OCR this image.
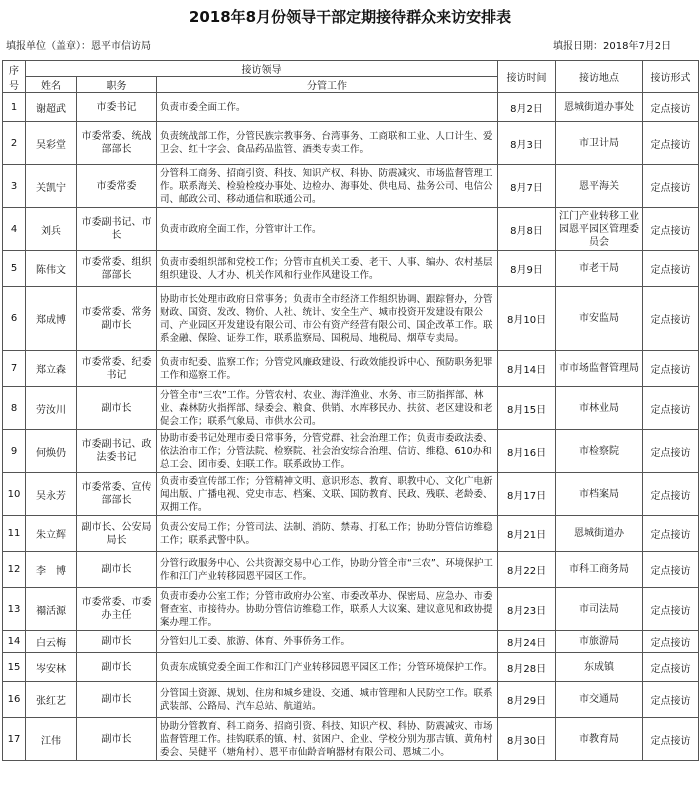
2018年8月份领导干部定期接待群众来访安排表
填报单位（盖章）：恩平市信访局	填报日期：2018年7月2日
序号	接访领导			接访时间	接访地点	接访形式
	姓名	职务	分管工作			
1	谢超武	市委书记	负责市委全面工作。	8月2日	恩城街道办事处	定点接访
2	吴彩堂	市委常委、统战部部长	负责统战部工作，分管民族宗教事务、台湾事务、工商联和工业、人口计生、爱卫会、红十字会、食品药品监管、酒类专卖工作。	8月3日	市卫计局	定点接访
3	关凯宁	市委常委	分管科工商务、招商引资、科技、知识产权、科协、防震减灾、市场监督管理工作。联系海关、检验检疫办事处、边检办、海事处、供电局、盐务公司、电信公司、邮政公司、移动通信和联通公司。	8月7日	恩平海关	定点接访
4	刘兵	市委副书记、市长	负责市政府全面工作，分管审计工作。	8月8日	江门产业转移工业园恩平园区管理委员会	定点接访
5	陈伟文	市委常委、组织部部长	负责市委组织部和党校工作；分管市直机关工委、老干、人事、编办、农村基层组织建设、人才办、机关作风和行业作风建设工作。	8月9日	市老干局	定点接访
6	郑成博	市委常委、常务副市长	协助市长处理市政府日常事务；负责市全市经济工作组织协调、跟踪督办，分管财政、国资、发改、物价、人社、统计、安全生产、城市投资开发建设有限公司、产业园区开发建设有限公司、市公有资产经营有限公司、国企改革工作。联系金融、保险、证券工作，联系监察局、国税局、地税局、烟草专卖局。	8月10日	市安监局	定点接访
7	郑立森	市委常委、纪委书记	负责市纪委、监察工作；分管党风廉政建设、行政效能投诉中心、预防职务犯罪工作和巡察工作。	8月14日	市市场监督管理局	定点接访
8	劳汝川	副市长	分管全市“三农”工作。分管农村、农业、海洋渔业、水务、市三防指挥部、林业、森林防火指挥部、绿委会、粮食、供销、水库移民办、扶贫、老区建设和老促会工作；联系气象局、市供水公司。	8月15日	市林业局	定点接访
9	何焕仍	市委副书记、政法委书记	协助市委书记处理市委日常事务，分管党群、社会治理工作；负责市委政法委、依法治市工作；分管法院、检察院、社会治安综合治理、信访、维稳、610办和总工会、团市委、妇联工作。联系政协工作。	8月16日	市检察院	定点接访
10	吴永芳	市委常委、宣传部部长	负责市委宣传部工作；分管精神文明、意识形态、教育、职教中心、文化广电新闻出版、广播电视、党史市志、档案、文联、国防教育、民政、残联、老龄委、双拥工作。	8月17日	市档案局	定点接访
11	朱立辉	副市长、公安局局长	负责公安局工作；分管司法、法制、消防、禁毒、打私工作；协助分管信访维稳工作；联系武警中队。	8月21日	恩城街道办	定点接访
12	李　博	副市长	分管行政服务中心、公共资源交易中心工作，协助分管全市“三农”、环境保护工作和江门产业转移园恩平园区工作。	8月22日	市科工商务局	定点接访
13	禤活源	市委常委、市委办主任	负责市委办公室工作；分管市政府办公室、市委改革办、保密局、应急办、市委督查室、市接待办。协助分管信访维稳工作，联系人大议案、建议意见和政协提案办理工作。	8月23日	市司法局	定点接访
14	白云梅	副市长	分管妇儿工委、旅游、体育、外事侨务工作。	8月24日	市旅游局	定点接访
15	岑安林	副市长	负责东成镇党委全面工作和江门产业转移园恩平园区工作；分管环境保护工作。	8月28日	东成镇	定点接访
16	张红艺	副市长	分管国土资源、规划、住房和城乡建设、交通、城市管理和人民防空工作。联系武装部、公路局、汽车总站、航道站。	8月29日	市交通局	定点接访
17	江伟	副市长	协助分管教育、科工商务、招商引资、科技、知识产权、科协、防震减灾、市场监督管理工作。挂钩联系的镇、村、贫困户、企业、学校分别为那吉镇、黄角村委会、吴健平（塘角村）、恩平市仙龄音响器材有限公司、恩城二小。	8月30日	市教育局	定点接访
